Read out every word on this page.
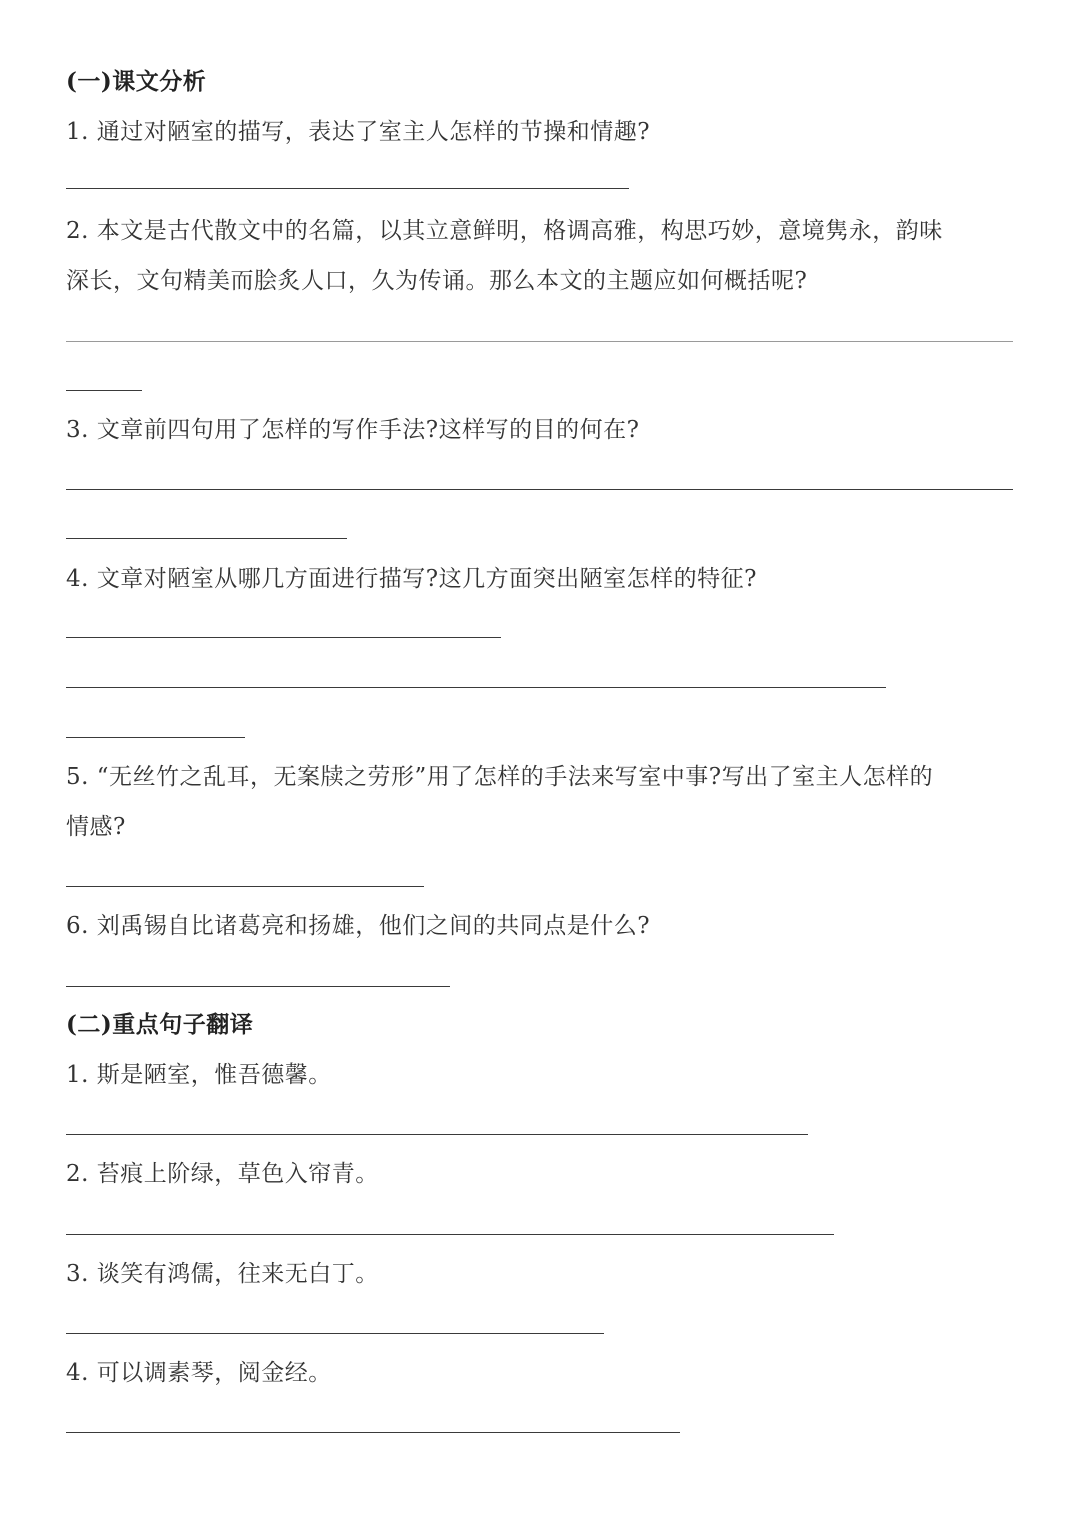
(一)课文分析

1. 通过对陋室的描写，表达了室主人怎样的节操和情趣?

2. 本文是古代散文中的名篇，以其立意鲜明，格调高雅，构思巧妙，意境隽永，韵味

深长，文句精美而脍炙人口，久为传诵。那么本文的主题应如何概括呢?

3. 文章前四句用了怎样的写作手法?这样写的目的何在?

4. 文章对陋室从哪几方面进行描写?这几方面突出陋室怎样的特征?

5. “无丝竹之乱耳，无案牍之劳形”用了怎样的手法来写室中事?写出了室主人怎样的

情感?

6. 刘禹锡自比诸葛亮和扬雄，他们之间的共同点是什么?

(二)重点句子翻译

1. 斯是陋室，惟吾德馨。

2. 苔痕上阶绿，草色入帘青。

3. 谈笑有鸿儒，往来无白丁。

4. 可以调素琴，阅金经。
